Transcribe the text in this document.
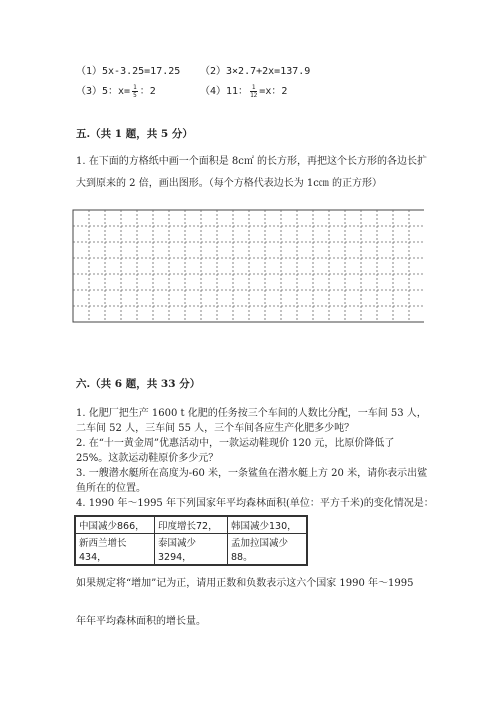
（1）5x-3.25=17.25 （2）3×2.7+2x=137.9
（3）5：$x= \frac{1}{5}$ ：2	（4）11： $\frac{1}{12} =x$：2
五.（共 1 题，共 5 分）
1. 在下面的方格纸中画一个面积是 8c㎡ 的长方形，再把这个长方形的各边长扩
大到原来的 2 倍，画出图形。（每个方格代表边长为 1c㎝ 的正方形）
六.（共 6 题，共 33 分）
1. 化肥厂把生产 1600 t 化肥的任务按三个车间的人数比分配，一车间 53 人，
二车间 52 人，三车间 55 人，三个车间各应生产化肥多少吨？
2. 在“十一黄金周”优惠活动中，一款运动鞋现价 120 元，比原价降低了
25%。这款运动鞋原价多少元？
3. 一艘潜水艇所在高度为-60 米，一条鲨鱼在潜水艇上方 20 米，请你表示出鲨
鱼所在的位置。
4. 1990 年～1995 年下列国家年平均森林面积(单位：平方千米)的变化情况是：
中国减少866，	印度增长72，	韩国减少130，
新西兰增长434，	泰国减少3294，	孟加拉国减少88。
如果规定将“增加”记为正，请用正数和负数表示这六个国家 1990 年～1995
年年平均森林面积的增长量。
